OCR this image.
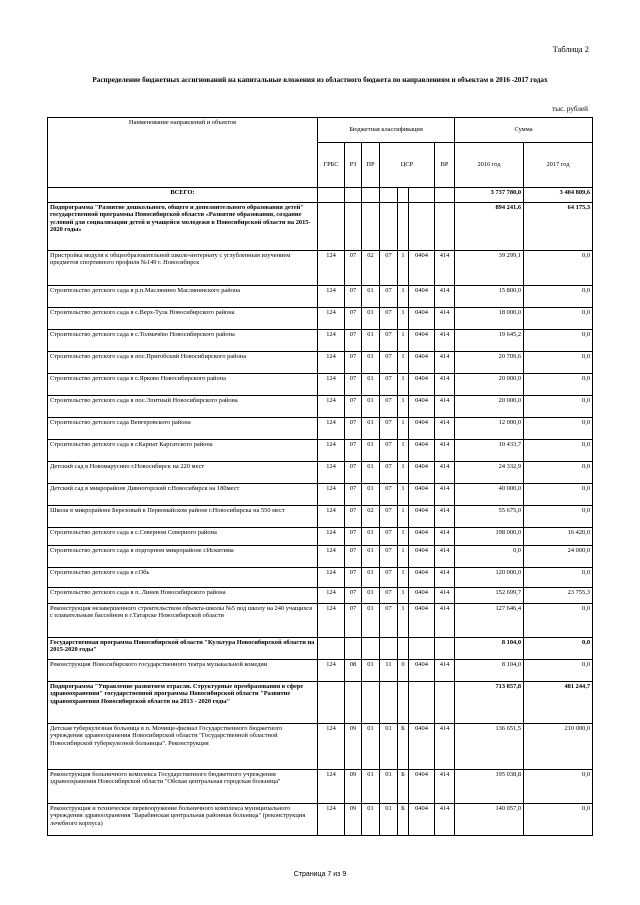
Таблица 2
Распределение бюджетных ассигнований на капитальные вложения из областного бюджета по направлениям и объектам в 2016 -2017 годах
тыс. рублей
Наименование направлений и объектов	Бюджетная классификация							Сумма	
	ГРБС	РЗ	ПР	ЦСР			ВР	2016 год	2017 год
ВСЕГО:								3 737 780,0	3 404 809,6
Подпрограмма "Развитие дошкольного, общего и дополнительного образования детей" государственной программы Новосибирской области «Развитие образования, создание условий для социализации детей и учащейся молодежи в Новосибирской области на 2015-2020 годы»								894 241,6	64 175,3
Пристройка модуля к общеобразовательной школе-интернату с углубленным изучением предметов спортивного профиля №149 г. Новосибирск	124	07	02	07	1	0404	414	39 299,1	0,0
Строительство детского сада в р.п.Маслянино Маслянинского района	124	07	01	07	1	0404	414	15 800,0	0,0
Строительство детского сада в с.Верх-Тула Новосибирского района	124	07	01	07	1	0404	414	18 000,0	0,0
Строительство детского сада в с.Толмачёво Новосибирского района	124	07	01	07	1	0404	414	19 645,2	0,0
Строительство детского сада в пос.Пригобский Новосибирского района	124	07	01	07	1	0404	414	20 709,6	0,0
Строительство детского сада в с.Ярково Новосибирского района	124	07	01	07	1	0404	414	20 000,0	0,0
Строительство детского сада в пос.Элитный Новосибирского района	124	07	01	07	1	0404	414	20 000,0	0,0
Строительство детского сада Венгеровского района	124	07	01	07	1	0404	414	12 000,0	0,0
Строительство детского сада в г.Карпат Каргатского района	124	07	01	07	1	0404	414	10 433,7	0,0
Детский сад в Новомарусино г.Новосибирск на 220 мест	124	07	01	07	1	0404	414	24 332,9	0,0
Детский сад в микрорайоне Дивногорский г.Новосибирск на 180мест	124	07	01	07	1	0404	414	40 000,0	0,0
Школа в микрорайоне Березовый в Первомайском районе г.Новосибирска на 550 мест	124	07	02	07	1	0404	414	55 675,0	0,0
Строительство детского сада в с.Северном Северного района	124	07	01	07	1	0404	414	198 000,0	16 420,0
Строительство детского сада в подгорном микрорайоне г.Искитима	124	07	01	07	1	0404	414	0,0	24 000,0
Строительство детского сада в г.Обь	124	07	01	07	1	0404	414	120 000,0	0,0
Строительство детского сада в п. Линев Новосибирского района	124	07	01	07	1	0404	414	152 699,7	23 755,3
Реконструкция незавершенного строительством объекта-школы №5 под школу на 240 учащихся с плавательным бассейном в г.Татарске Новосибирской области	124	07	01	07	1	0404	414	127 646,4	0,0
Государственная программа Новосибирской области "Культура Новосибирской области на 2015-2020 годы"								8 104,0	0,0
Реконструкция Новосибирского государственного театра музыкальной комедии	124	08	01	11	0	0404	414	8 104,0	0,0
Подпрограмма "Управление развитием отрасли. Структурные преобразования в сфере здравоохранения" государственной программы Новосибирской области "Развитие здравоохранения Новосибирской области на 2013 - 2020 годы"								713 857,8	481 244,7
Детская туберкулезная больница в п. Мочище-филиал Государственного бюджетного учреждения здравоохранения Новосибирской области "Государственной областной Новосибирской туберкулезной больницы". Реконструкция	124	09	01	01	Б	0404	414	136 651,5	210 000,0
Реконструкция больничного комплекса Государственного бюджетного учреждения здравоохранения Новосибирской области "Обская центральная городская больница"	124	09	01	01	Б	0404	414	195 038,8	0,0
Реконструкция и техническое перевооружение больничного комплекса муниципального учреждения здравоохранения "Барабинская центральная районная больница" (реконструкция лечебного корпуса)	124	09	01	01	Б	0404	414	140 057,0	0,0
Страница 7 из 9
